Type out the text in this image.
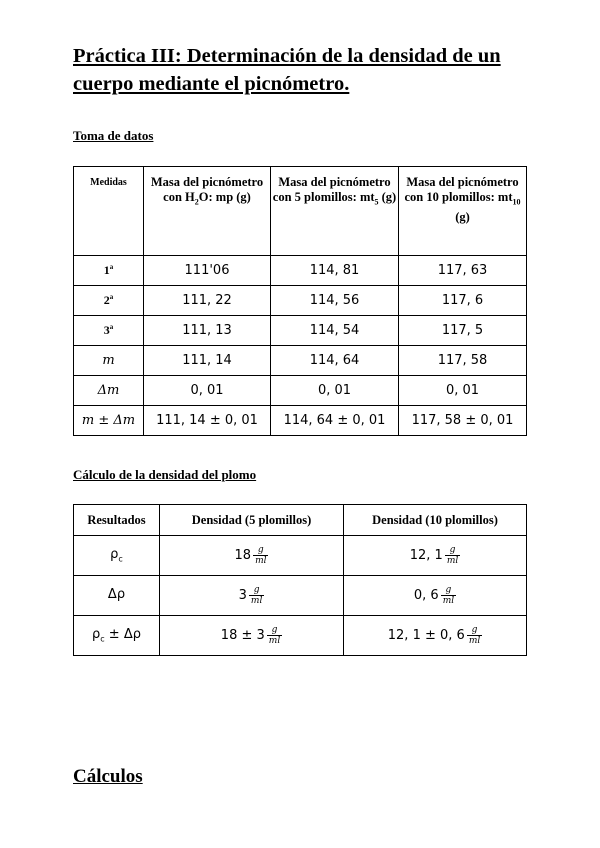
Práctica III: Determinación de la densidad de un cuerpo mediante el picnómetro.
Toma de datos
Medidas	Masa del picnómetro con $H_2O$: mp (g)	Masa del picnómetro con 5 plomillos: $mt_5$ (g)	Masa del picnómetro con 10 plomillos: $mt_{10}$ (g)
1$^a$	111'06	114, 81	117, 63
2$^a$	111, 22	114, 56	117, 6
3$^a$	111, 13	114, 54	117, 5
m	111, 14	114, 64	117, 58
Δm	0, 01	0, 01	0, 01
m ± Δm	111, 14 ± 0, 01	114, 64 ± 0, 01	117, 58 ± 0, 01
Cálculo de la densidad del plomo
Resultados	Densidad (5 plomillos)	Densidad (10 plomillos)
$\rho_c$	$18 \frac{g}{ml}$	12, $1 \frac{g}{ml}$

Δρ	$3 \frac{g}{ml}$	0, $6 \frac{g}{ml}$

$\rho_c \pm \Delta\rho$	$18 \pm 3 \frac{g}{ml}$	12, 1 ± 0, $6 \frac{g}{ml}$
Cálculos
